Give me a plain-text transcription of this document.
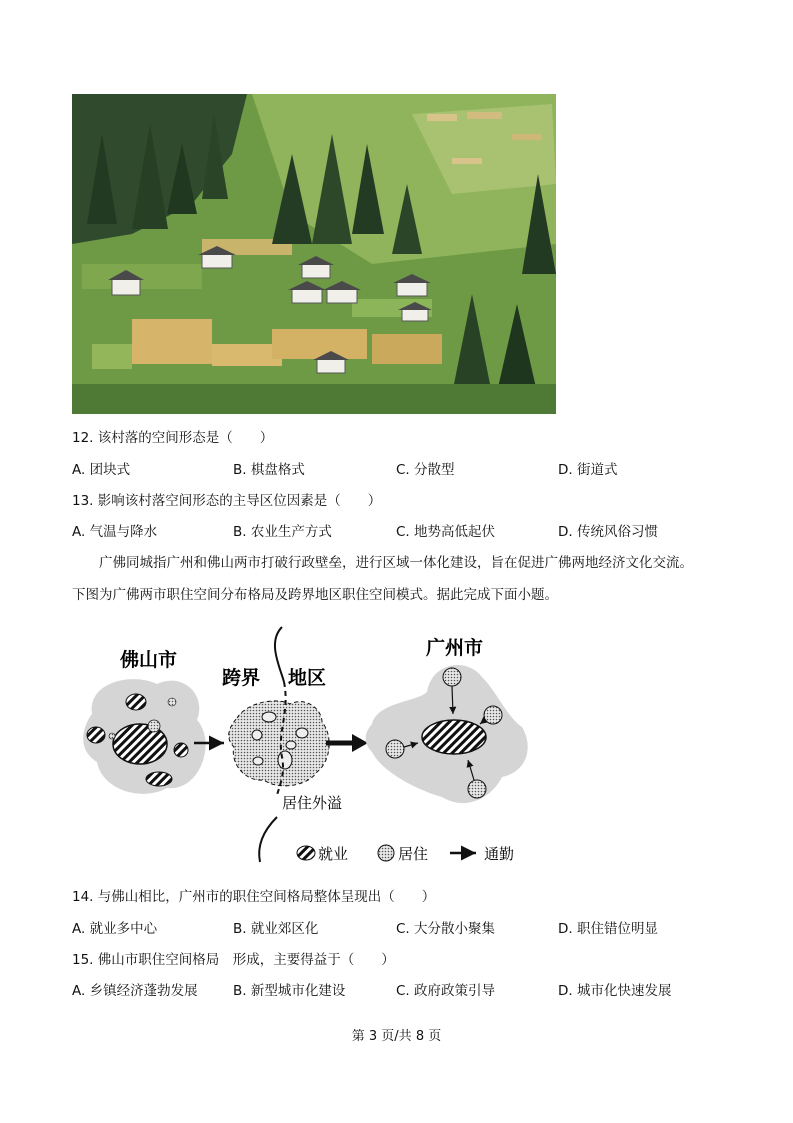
12. 该村落的空间形态是（　　）
A. 团块式	B. 棋盘格式	C. 分散型	D. 街道式
13. 影响该村落空间形态的主导区位因素是（　　）
A. 气温与降水	B. 农业生产方式	C. 地势高低起伏	D. 传统风俗习惯
广佛同城指广州和佛山两市打破行政壁垒，进行区域一体化建设，旨在促进广佛两地经济文化交流。
下图为广佛两市职住空间分布格局及跨界地区职住空间模式。据此完成下面小题。
佛山市
跨界 地区
广州市
居住外溢
就业	居住	通勤
14. 与佛山相比，广州市的职住空间格局整体呈现出（　　）
A. 就业多中心	B. 就业郊区化	C. 大分散小聚集	D. 职住错位明显
15. 佛山市职住空间格局　形成，主要得益于（　　）
A. 乡镇经济蓬勃发展	B. 新型城市化建设	C. 政府政策引导	D. 城市化快速发展
第 3 页/共 8 页
